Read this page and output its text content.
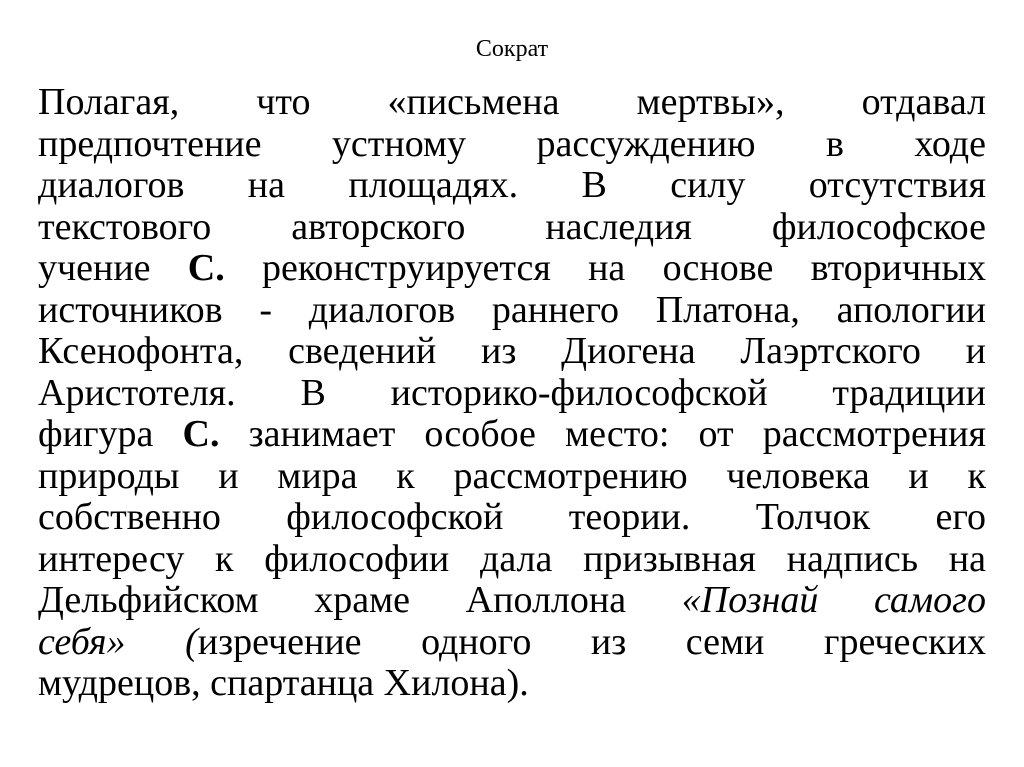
Сократ
Полагая, что «письмена мертвы», отдавал
предпочтение устному рассуждению в ходе
диалогов на площадях. В силу отсутствия
текстового авторского наследия философское
учение С. реконструируется на основе вторичных
источников - диалогов раннего Платона, апологии
Ксенофонта, сведений из Диогена Лаэртского и
Аристотеля. В историко-философской традиции
фигура С. занимает особое место: от рассмотрения
природы и мира к рассмотрению человека и к
собственно философской теории. Толчок его
интересу к философии дала призывная надпись на
Дельфийском храме Аполлона «Познай самого
себя» (изречение одного из семи греческих
мудрецов, спартанца Хилона).
